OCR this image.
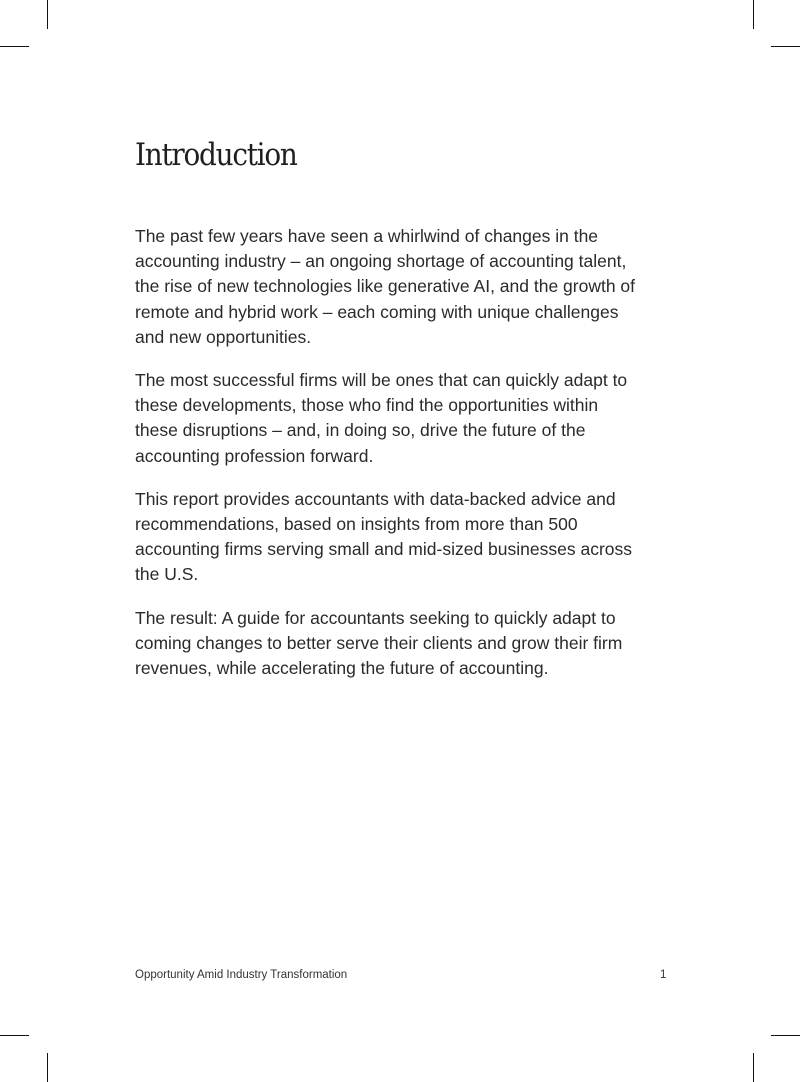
Introduction

The past few years have seen a whirlwind of changes in the accounting industry – an ongoing shortage of accounting talent, the rise of new technologies like generative AI, and the growth of remote and hybrid work – each coming with unique challenges and new opportunities.

The most successful firms will be ones that can quickly adapt to these developments, those who find the opportunities within these disruptions – and, in doing so, drive the future of the accounting profession forward.

This report provides accountants with data-backed advice and recommendations, based on insights from more than 500 accounting firms serving small and mid-sized businesses across the U.S.

The result: A guide for accountants seeking to quickly adapt to coming changes to better serve their clients and grow their firm revenues, while accelerating the future of accounting.

Opportunity Amid Industry Transformation	1
